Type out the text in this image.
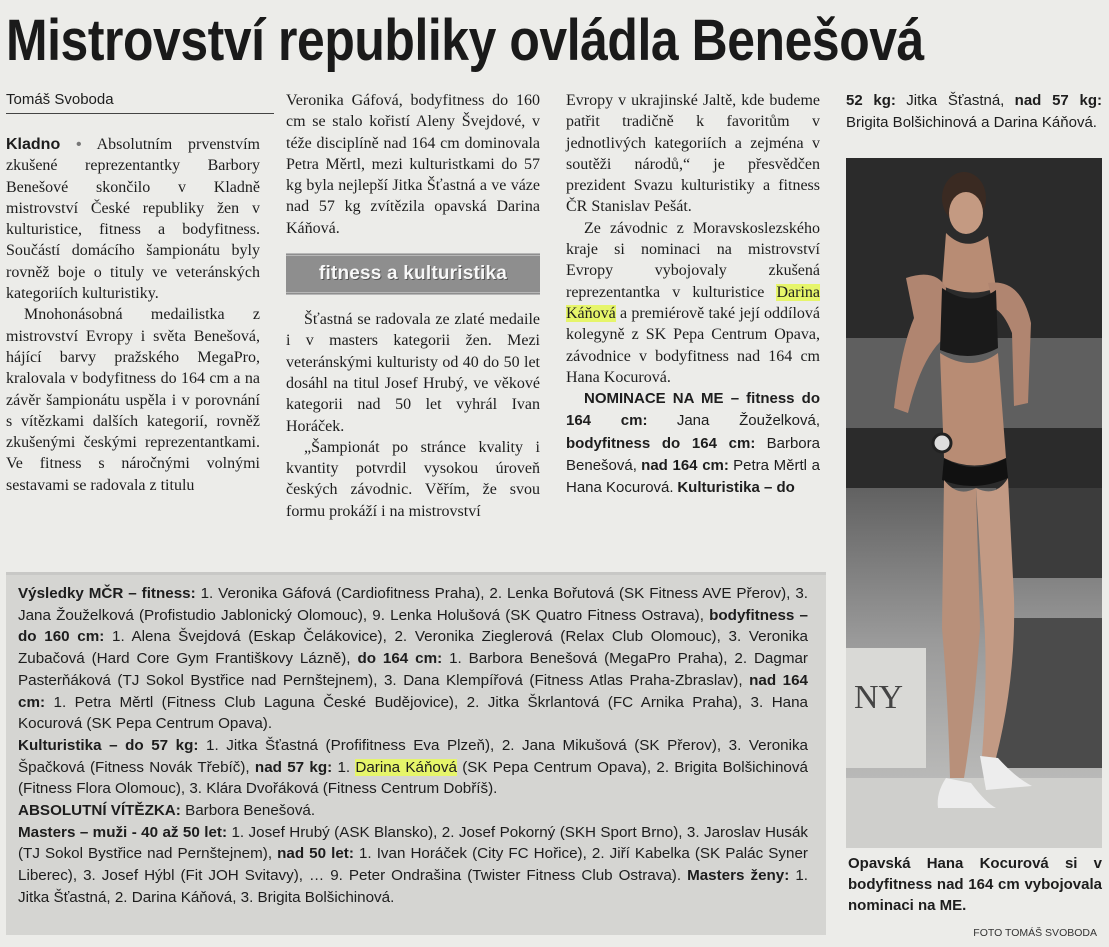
Mistrovství republiky ovládla Benešová
Tomáš Svoboda

Kladno • Absolutním prvenstvím zkušené reprezentantky Barbory Benešové skončilo v Kladně mistrovství České republiky žen v kulturistice, fitness a bodyfitness. Součástí domácího šampionátu byly rovněž boje o tituly ve veteránských kategoriích kulturistiky.

Mnohonásobná medailistka z mistrovství Evropy i světa Benešová, hájící barvy pražského MegaPro, kralovala v bodyfitness do 164 cm a na závěr šampionátu uspěla i v porovnání s vítězkami dalších kategorií, rovněž zkušenými českými reprezentantkami. Ve fitness s náročnými volnými sestavami se radovala z titulu

Veronika Gáfová, bodyfitness do 160 cm se stalo kořistí Aleny Švejdové, v téže disciplíně nad 164 cm dominovala Petra Měrtl, mezi kulturistkami do 57 kg byla nejlepší Jitka Šťastná a ve váze nad 57 kg zvítězila opavská Darina Káňová.

fitness a kulturistika

Šťastná se radovala ze zlaté medaile i v masters kategorii žen. Mezi veteránskými kulturisty od 40 do 50 let dosáhl na titul Josef Hrubý, ve věkové kategorii nad 50 let vyhrál Ivan Horáček.

„Šampionát po stránce kvality i kvantity potvrdil vysokou úroveň českých závodnic. Věřím, že svou formu prokáží i na mistrovství

Evropy v ukrajinské Jaltě, kde budeme patřit tradičně k favoritům v jednotlivých kategoriích a zejména v soutěži národů,“ je přesvědčen prezident Svazu kulturistiky a fitness ČR Stanislav Pešát.

Ze závodnic z Moravskoslezského kraje si nominaci na mistrovství Evropy vybojovaly zkušená reprezentantka v kulturistice Darina Káňová a premiérově také její oddílová kolegyně z SK Pepa Centrum Opava, závodnice v bodyfitness nad 164 cm Hana Kocurová.

NOMINACE NA ME – fitness do 164 cm: Jana Žouželková, bodyfitness do 164 cm: Barbora Benešová, nad 164 cm: Petra Měrtl a Hana Kocurová. Kulturistika – do

52 kg: Jitka Šťastná, nad 57 kg: Brigita Bolšichinová a Darina Káňová.

NY

Výsledky MČR – fitness: 1. Veronika Gáfová (Cardiofitness Praha), 2. Lenka Bořutová (SK Fitness AVE Přerov), 3. Jana Žouželková (Profistudio Jablonický Olomouc), 9. Lenka Holušová (SK Quatro Fitness Ostrava), bodyfitness – do 160 cm: 1. Alena Švejdová (Eskap Čelákovice), 2. Veronika Zieglerová (Relax Club Olomouc), 3. Veronika Zubačová (Hard Core Gym Františkovy Lázně), do 164 cm: 1. Barbora Benešová (MegaPro Praha), 2. Dagmar Pasterňáková (TJ Sokol Bystřice nad Pernštejnem), 3. Dana Klempířová (Fitness Atlas Praha-Zbraslav), nad 164 cm: 1. Petra Měrtl (Fitness Club Laguna České Budějovice), 2. Jitka Škrlantová (FC Arnika Praha), 3. Hana Kocurová (SK Pepa Centrum Opava).

Kulturistika – do 57 kg: 1. Jitka Šťastná (Profifitness Eva Plzeň), 2. Jana Mikušová (SK Přerov), 3. Veronika Špačková (Fitness Novák Třebíč), nad 57 kg: 1. Darina Káňová (SK Pepa Centrum Opava), 2. Brigita Bolšichinová (Fitness Flora Olomouc), 3. Klára Dvořáková (Fitness Centrum Dobříš).

ABSOLUTNÍ VÍTĚZKA: Barbora Benešová.

Masters – muži - 40 až 50 let: 1. Josef Hrubý (ASK Blansko), 2. Josef Pokorný (SKH Sport Brno), 3. Jaroslav Husák (TJ Sokol Bystřice nad Pernštejnem), nad 50 let: 1. Ivan Horáček (City FC Hořice), 2. Jiří Kabelka (SK Palác Syner Liberec), 3. Josef Hýbl (Fit JOH Svitavy), … 9. Peter Ondrašina (Twister Fitness Club Ostrava). Masters ženy: 1. Jitka Šťastná, 2. Darina Káňová, 3. Brigita Bolšichinová.

Opavská Hana Kocurová si v bodyfitness nad 164 cm vybojovala nominaci na ME.
FOTO TOMÁŠ SVOBODA
